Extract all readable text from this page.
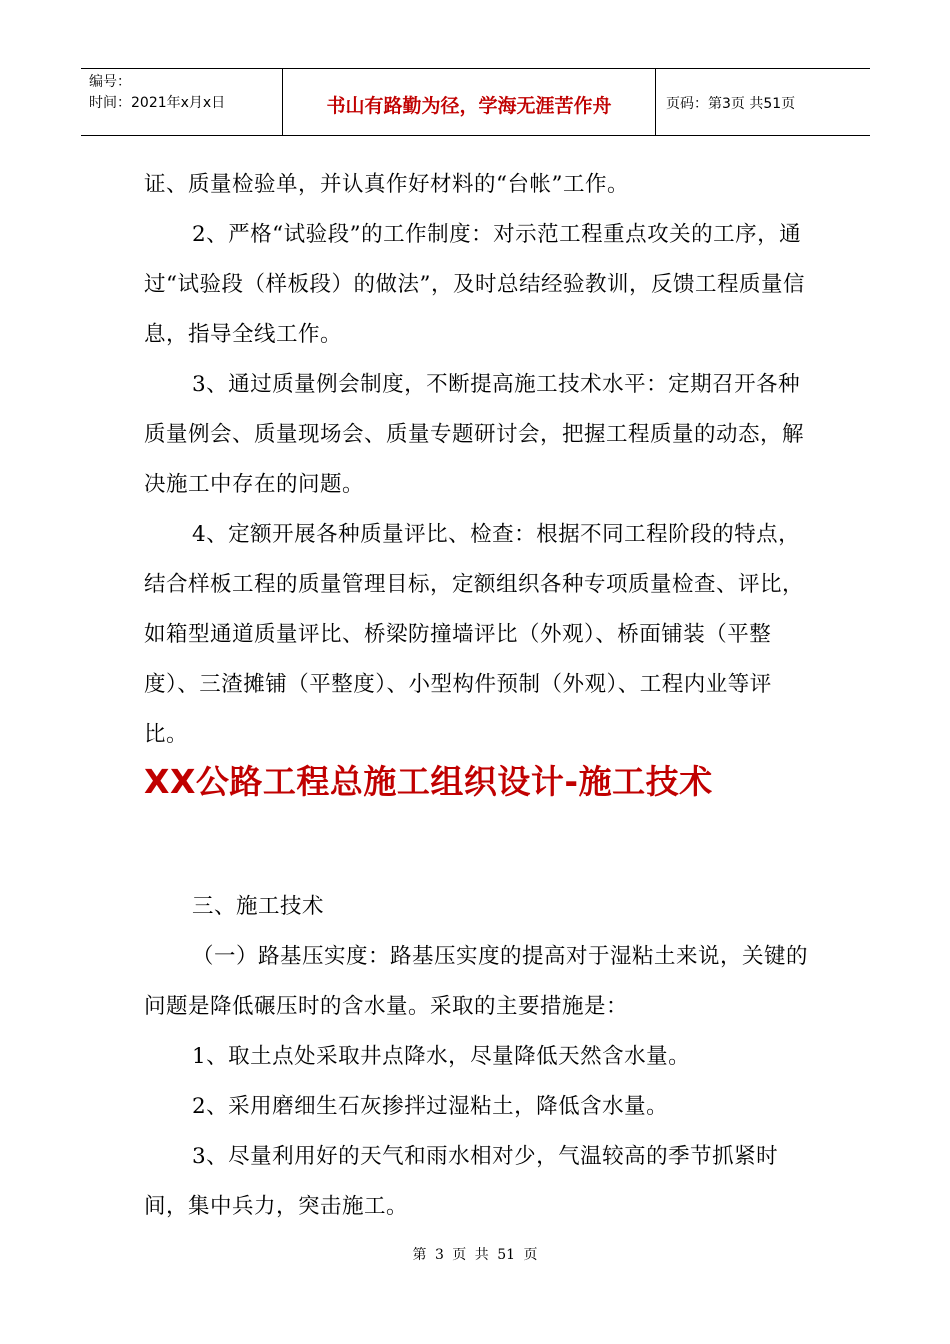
编号：
时间：2021年x月x日	书山有路勤为径，学海无涯苦作舟	页码：第3页 共51页

证、质量检验单，并认真作好材料的“台帐”工作。

2、严格“试验段”的工作制度：对示范工程重点攻关的工序，通过“试验段（样板段）的做法”，及时总结经验教训，反馈工程质量信息，指导全线工作。

3、通过质量例会制度，不断提高施工技术水平：定期召开各种质量例会、质量现场会、质量专题研讨会，把握工程质量的动态，解决施工中存在的问题。

4、定额开展各种质量评比、检查：根据不同工程阶段的特点，结合样板工程的质量管理目标，定额组织各种专项质量检查、评比，如箱型通道质量评比、桥梁防撞墙评比（外观）、桥面铺装（平整度）、三渣摊铺（平整度）、小型构件预制（外观）、工程内业等评比。

XX公路工程总施工组织设计-施工技术

三、施工技术

（一）路基压实度：路基压实度的提高对于湿粘土来说，关键的问题是降低碾压时的含水量。采取的主要措施是：

1、取土点处采取井点降水，尽量降低天然含水量。

2、采用磨细生石灰掺拌过湿粘土，降低含水量。

3、尽量利用好的天气和雨水相对少，气温较高的季节抓紧时间，集中兵力，突击施工。

第 3 页 共 51 页
